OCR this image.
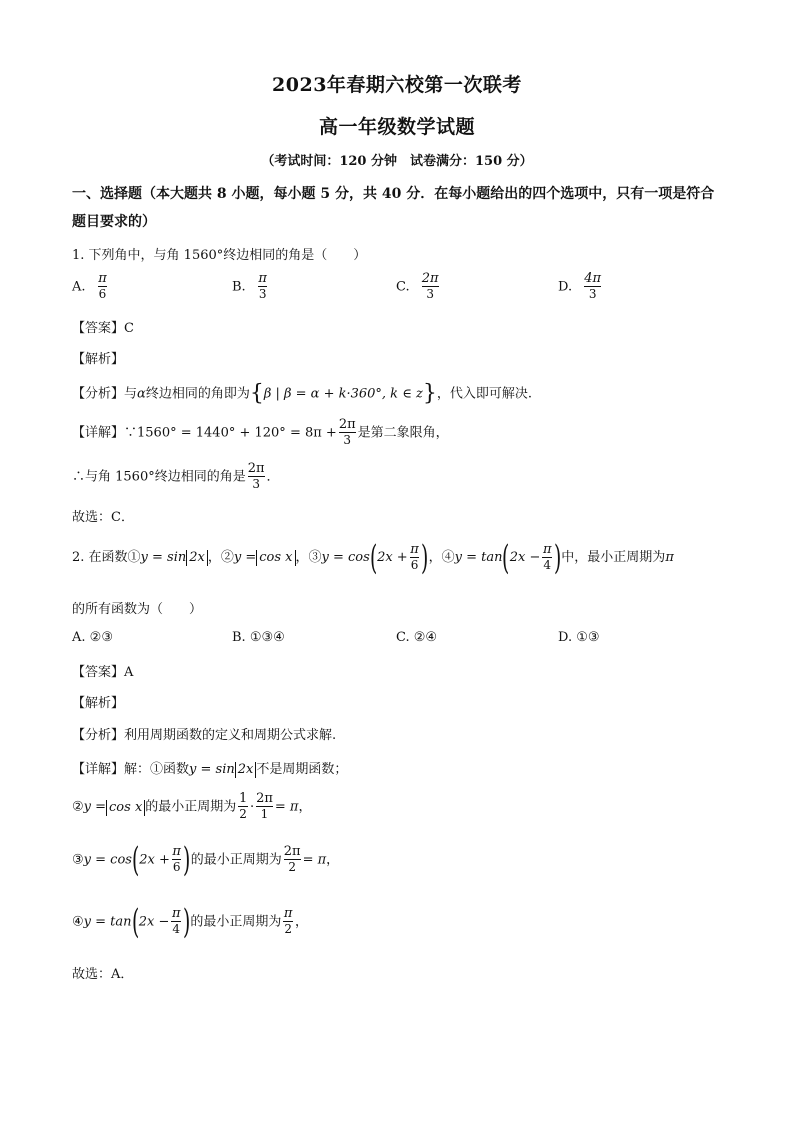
2023年春期六校第一次联考
高一年级数学试题
（考试时间：120 分钟　试卷满分：150 分）
一、选择题（本大题共 8 小题，每小题 5 分，共 40 分．在每小题给出的四个选项中，只有一项是符合题目要求的）
1. 下列角中，与角 1560°终边相同的角是（　　）
A. $\frac{\pi}{6}$	B. $\frac{\pi}{3}$	C. $\frac{2\pi}{3}$	D. $\frac{4\pi}{3}$
【答案】C
【解析】
【分析】与α终边相同的角即为{β | β = α + k·360°, k ∈ z}，代入即可解决.
【详解】∵1560° = $1440^\circ + 120^\circ = 8\pi + \frac{2\pi}{3}$ 是第二象限角，
∴与角 1560°终边相同的角是 $\frac{2\pi}{3}$ ．
故选：C．
2. 在函数①y = sin 2x ，②y = cos x ，③y = $\cos(2x + \frac{\pi}{6}$ )，④y = $\tan(2x - \frac{\pi}{4}$ )中，最小正周期为π
的所有函数为（　　）
A. ②③	B. ①③④	C. ②④	D. ①③
【答案】A
【解析】
【分析】利用周期函数的定义和周期公式求解.
【详解】解：①函数y = sin 2x 不是周期函数；
②y = cos x 的最小正周期为 $\frac{1}{2} \cdot \frac{2\pi}{1} = \pi$，
③y = $\cos(2x + \frac{\pi}{6}$ )的最小正周期为 $\frac{2\pi}{2} = \pi$，
④y = $\tan(2x - \frac{\pi}{4}$ )的最小正周期为 $\frac{\pi}{2}$ ，
故选：A．
